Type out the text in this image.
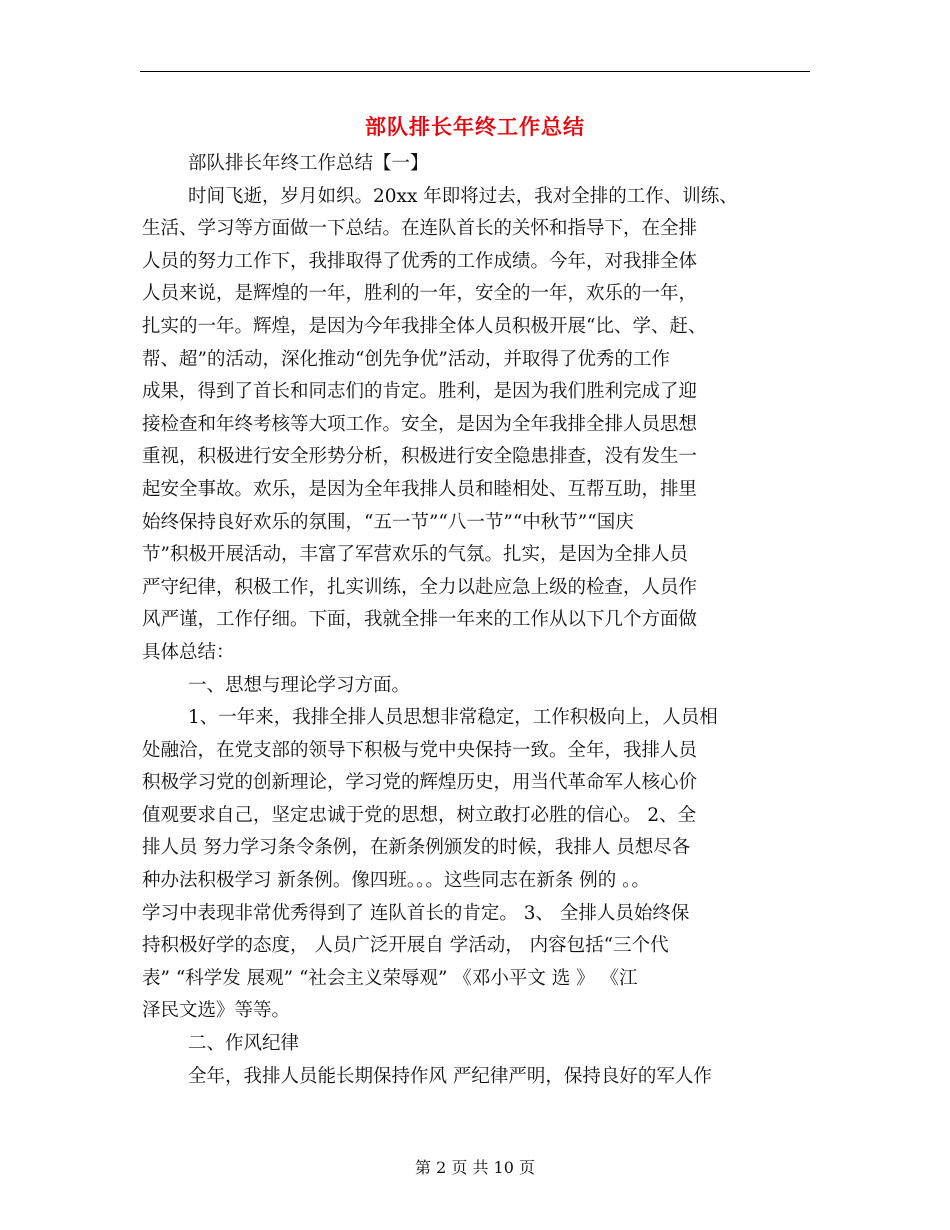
部队排长年终工作总结
部队排长年终工作总结【一】
时间飞逝，岁月如织。20xx 年即将过去，我对全排的工作、训练、
生活、学习等方面做一下总结。在连队首长的关怀和指导下，在全排
人员的努力工作下，我排取得了优秀的工作成绩。今年，对我排全体
人员来说，是辉煌的一年，胜利的一年，安全的一年，欢乐的一年，
扎实的一年。辉煌，是因为今年我排全体人员积极开展“比、学、赶、
帮、超”的活动，深化推动“创先争优”活动，并取得了优秀的工作
成果，得到了首长和同志们的肯定。胜利，是因为我们胜利完成了迎
接检查和年终考核等大项工作。安全，是因为全年我排全排人员思想
重视，积极进行安全形势分析，积极进行安全隐患排查，没有发生一
起安全事故。欢乐，是因为全年我排人员和睦相处、互帮互助，排里
始终保持良好欢乐的氛围，“五一节”“八一节”“中秋节”“国庆
节”积极开展活动，丰富了军营欢乐的气氛。扎实，是因为全排人员
严守纪律，积极工作，扎实训练，全力以赴应急上级的检查，人员作
风严谨，工作仔细。下面，我就全排一年来的工作从以下几个方面做
具体总结：
一、思想与理论学习方面。
1、一年来，我排全排人员思想非常稳定，工作积极向上，人员相
处融洽，在党支部的领导下积极与党中央保持一致。全年，我排人员
积极学习党的创新理论，学习党的辉煌历史，用当代革命军人核心价
值观要求自己，坚定忠诚于党的思想，树立敢打必胜的信心。 2、全
排人员 努力学习条令条例，在新条例颁发的时候，我排人 员想尽各
种办法积极学习 新条例。像四班。。。这些同志在新条 例的 。。
学习中表现非常优秀得到了 连队首长的肯定。 3、 全排人员始终保
持积极好学的态度， 人员广泛开展自 学活动， 内容包括“三个代
表” “科学发 展观” “社会主义荣辱观” 《邓小平文 选 》 《江
泽民文选》等等。
二、作风纪律
全年，我排人员能长期保持作风 严纪律严明，保持良好的军人作
第 2 页 共 10 页
